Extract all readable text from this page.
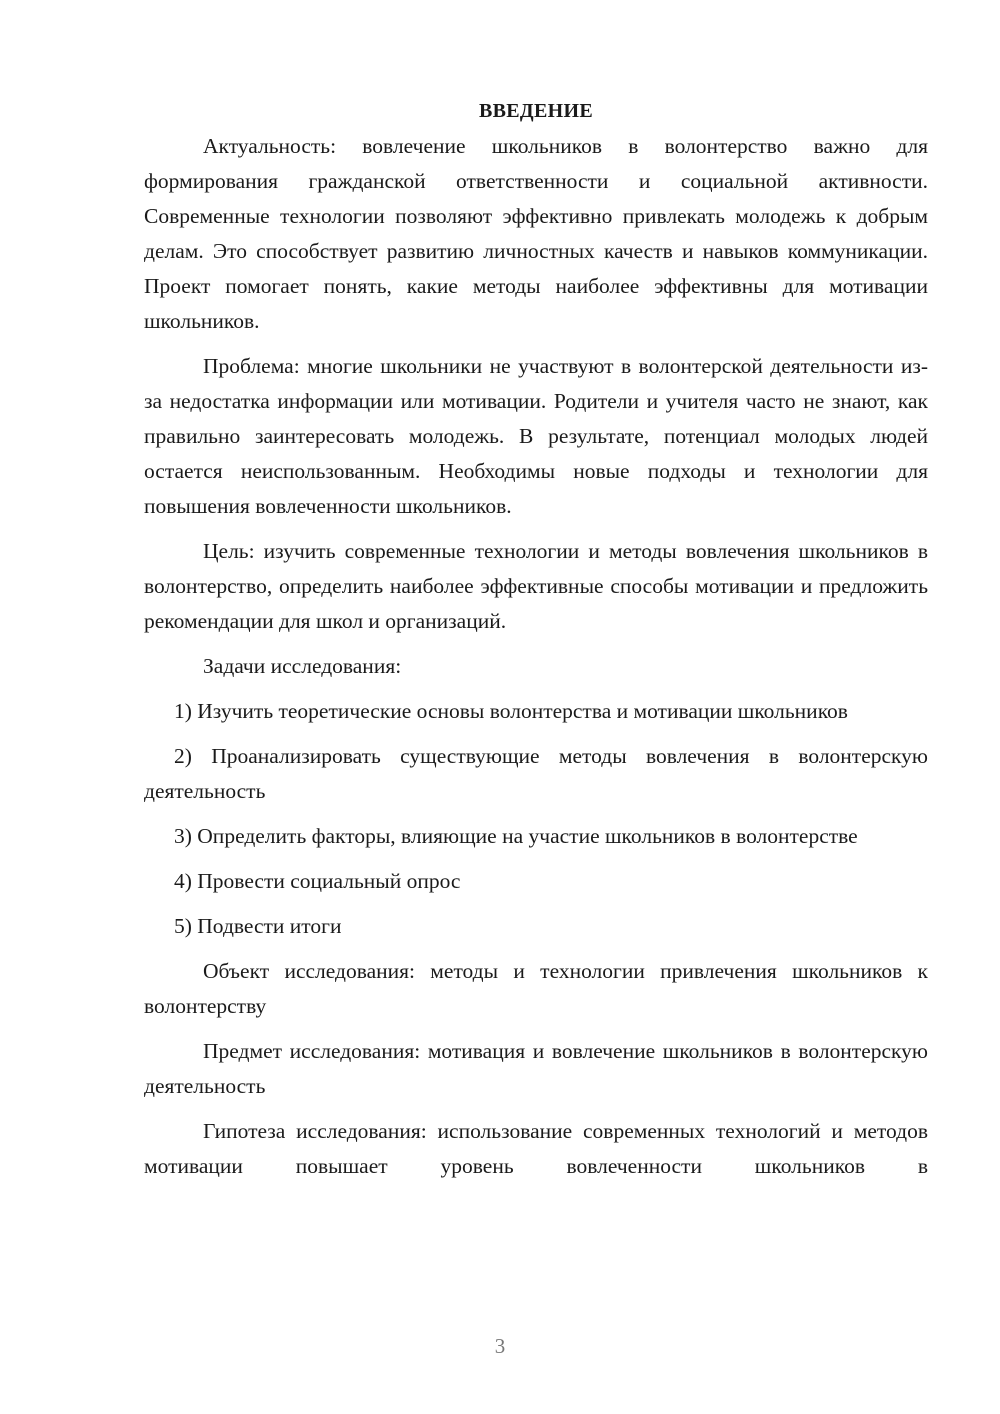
ВВЕДЕНИЕ

Актуальность: вовлечение школьников в волонтерство важно для формирования гражданской ответственности и социальной активности. Современные технологии позволяют эффективно привлекать молодежь к добрым делам. Это способствует развитию личностных качеств и навыков коммуникации. Проект помогает понять, какие методы наиболее эффективны для мотивации школьников.

Проблема: многие школьники не участвуют в волонтерской деятельности из-за недостатка информации или мотивации. Родители и учителя часто не знают, как правильно заинтересовать молодежь. В результате, потенциал молодых людей остается неиспользованным. Необходимы новые подходы и технологии для повышения вовлеченности школьников.

Цель: изучить современные технологии и методы вовлечения школьников в волонтерство, определить наиболее эффективные способы мотивации и предложить рекомендации для школ и организаций.

Задачи исследования:

1) Изучить теоретические основы волонтерства и мотивации школьников

2) Проанализировать существующие методы вовлечения в волонтерскую деятельность

3) Определить факторы, влияющие на участие школьников в волонтерстве

4) Провести социальный опрос

5) Подвести итоги

Объект исследования: методы и технологии привлечения школьников к волонтерству

Предмет исследования: мотивация и вовлечение школьников в волонтерскую деятельность

Гипотеза исследования: использование современных технологий и методов мотивации повышает уровень вовлеченности школьников в

3
